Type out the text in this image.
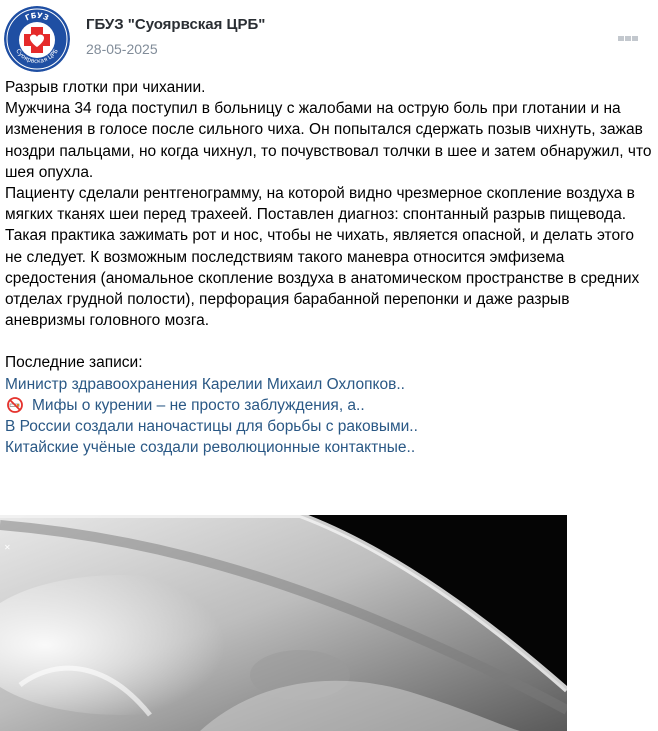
ГБУЗ
Суоярвская ЦРБ
ГБУЗ "Суоярвская ЦРБ"
28-05-2025

Разрыв глотки при чихании.

Мужчина 34 года поступил в больницу с жалобами на острую боль при глотании и на изменения в голосе после сильного чиха. Он попытался сдержать позыв чихнуть, зажав ноздри пальцами, но когда чихнул, то почувствовал толчки в шее и затем обнаружил, что шея опухла.

Пациенту сделали рентгенограмму, на которой видно чрезмерное скопление воздуха в мягких тканях шеи перед трахеей. Поставлен диагноз: спонтанный разрыв пищевода. Такая практика зажимать рот и нос, чтобы не чихать, является опасной, и делать этого не следует. К возможным последствиям такого маневра относится эмфизема средостения (аномальное скопление воздуха в анатомическом пространстве в средних отделах грудной полости), перфорация барабанной перепонки и даже разрыв аневризмы головного мозга.

Последние записи:

Министр здравоохранения Карелии Михаил Охлопков..
Мифы о курении – не просто заблуждения, а..
В России создали наночастицы для борьбы с раковыми..
Китайские учёные создали революционные контактные..
✕
